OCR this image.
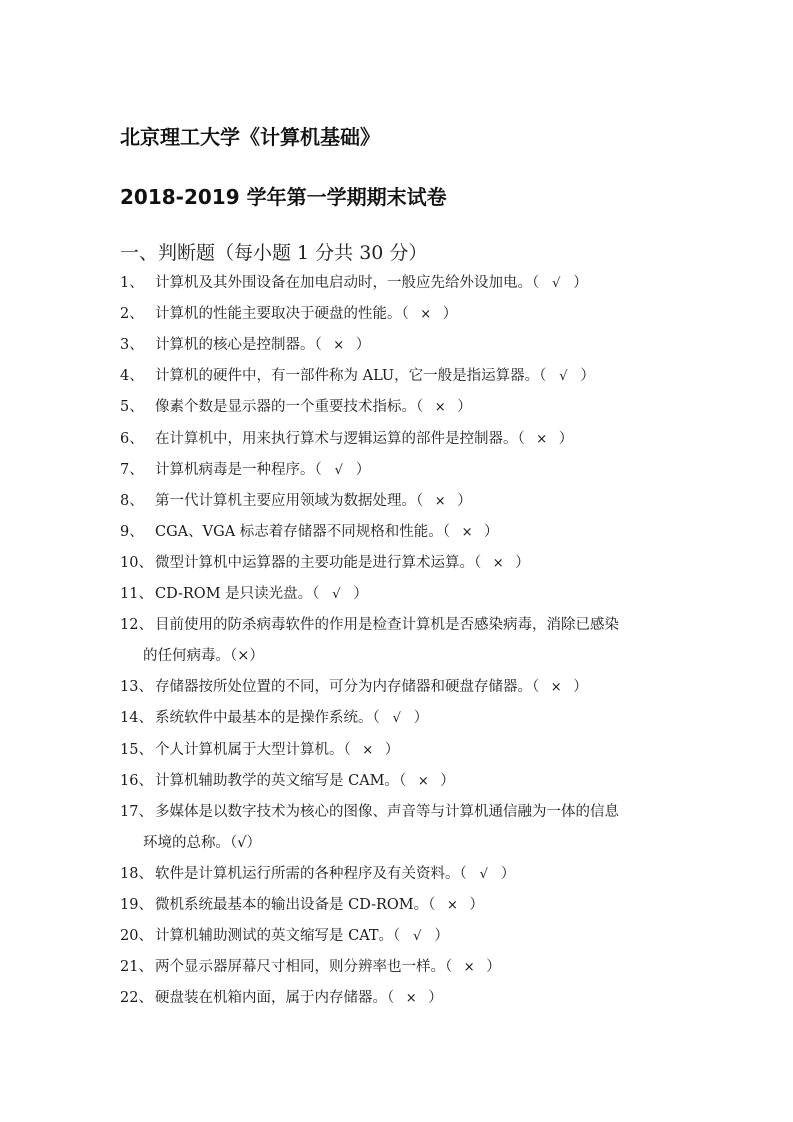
北京理工大学《计算机基础》
2018-2019 学年第一学期期末试卷
一、判断题（每小题 1 分共 30 分）
1、 计算机及其外围设备在加电启动时，一般应先给外设加电。（ √ ）
2、 计算机的性能主要取决于硬盘的性能。（ × ）
3、 计算机的核心是控制器。（ × ）
4、 计算机的硬件中，有一部件称为 ALU，它一般是指运算器。（ √ ）
5、 像素个数是显示器的一个重要技术指标。（ × ）
6、 在计算机中，用来执行算术与逻辑运算的部件是控制器。（ × ）
7、 计算机病毒是一种程序。（ √ ）
8、 第一代计算机主要应用领域为数据处理。（ × ）
9、 CGA、VGA 标志着存储器不同规格和性能。（ × ）
10、 微型计算机中运算器的主要功能是进行算术运算。（ × ）
11、 CD-ROM 是只读光盘。（ √ ）
12、 目前使用的防杀病毒软件的作用是检查计算机是否感染病毒，消除已感染
的任何病毒。（×）
13、 存储器按所处位置的不同，可分为内存储器和硬盘存储器。（ × ）
14、 系统软件中最基本的是操作系统。（ √ ）
15、 个人计算机属于大型计算机。（ × ）
16、 计算机辅助教学的英文缩写是 CAM。（ × ）
17、 多媒体是以数字技术为核心的图像、声音等与计算机通信融为一体的信息
环境的总称。（√）
18、 软件是计算机运行所需的各种程序及有关资料。（ √ ）
19、 微机系统最基本的输出设备是 CD-ROM。（ × ）
20、 计算机辅助测试的英文缩写是 CAT。（ √ ）
21、 两个显示器屏幕尺寸相同，则分辨率也一样。（ × ）
22、 硬盘装在机箱内面，属于内存储器。（ × ）
